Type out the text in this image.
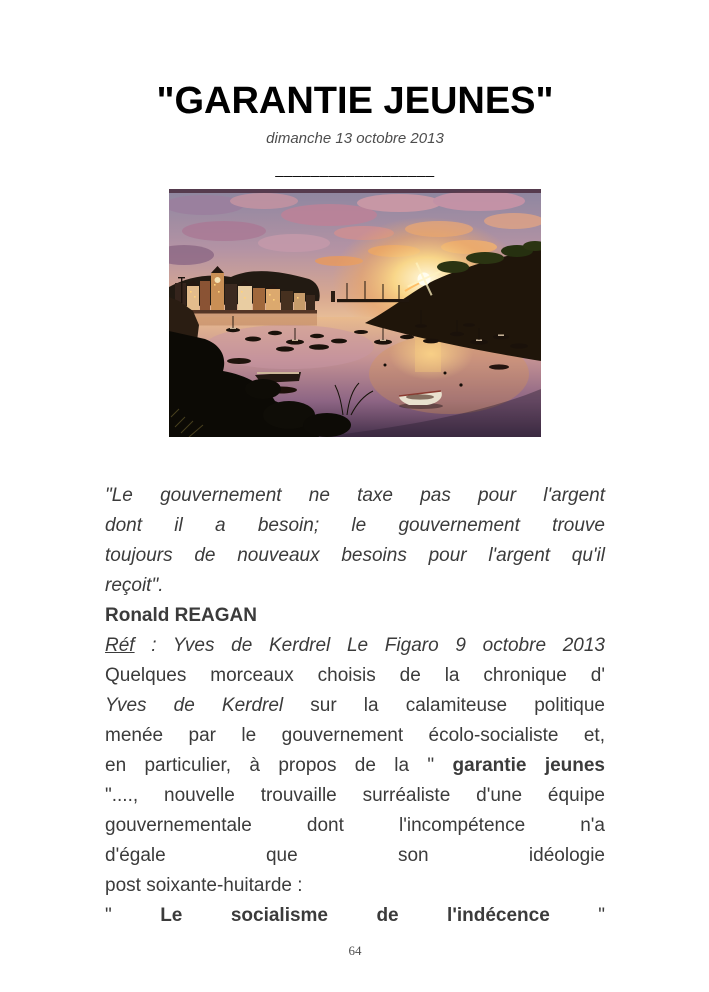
"GARANTIE JEUNES"
dimanche 13 octobre 2013
__________________
"Le gouvernement ne taxe pas pour l'argent
dont il a besoin; le gouvernement trouve
toujours de nouveaux besoins pour l'argent qu'il
reçoit".
Ronald REAGAN
Réf : Yves de Kerdrel Le Figaro 9 octobre 2013
Quelques morceaux choisis de la chronique d'
Yves de Kerdrel sur la calamiteuse politique
menée par le gouvernement écolo-socialiste et,
en particulier, à propos de la " garantie jeunes
"...., nouvelle trouvaille surréaliste d'une équipe
gouvernementale dont l'incompétence n'a
d'égale que son idéologie
post soixante-huitarde :
"	Le socialisme de l'indécence	"
64
